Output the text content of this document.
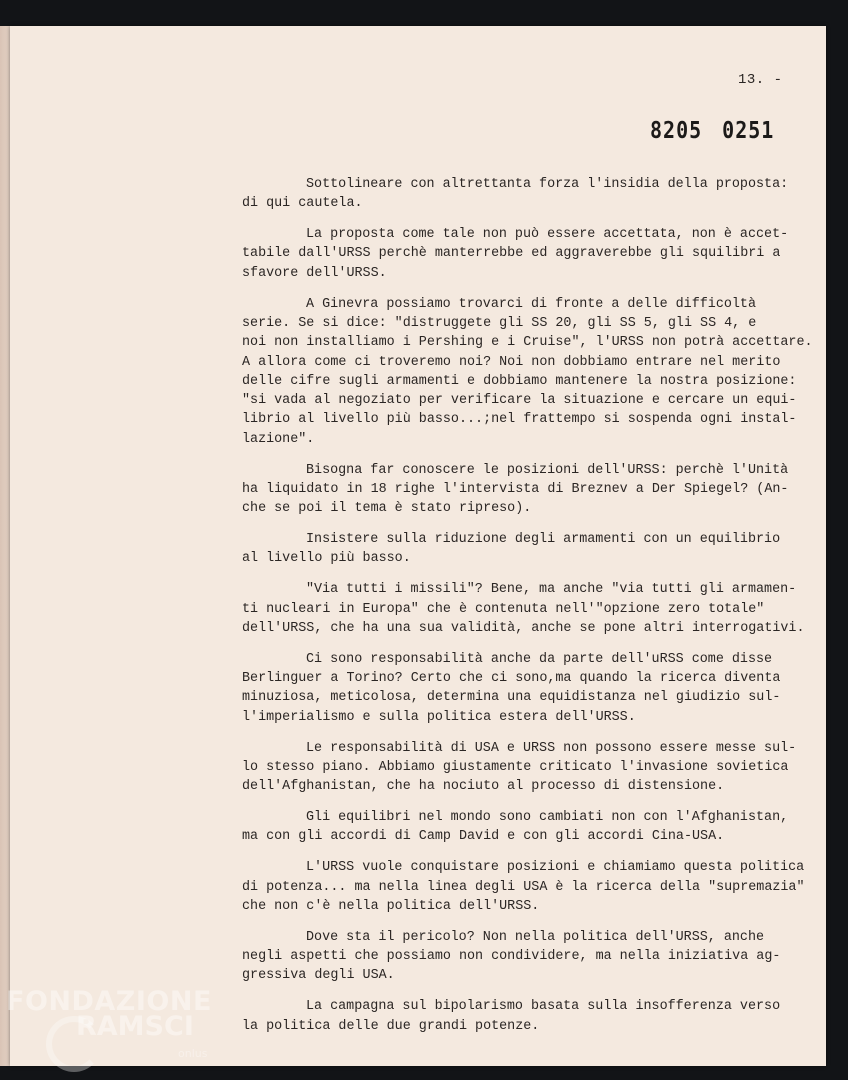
13. -
8205 0251
Sottolineare con altrettanta forza l'insidia della proposta:
di qui cautela.
La proposta come tale non può essere accettata, non è accet-
tabile dall'URSS perchè manterrebbe ed aggraverebbe gli squilibri a
sfavore dell'URSS.
A Ginevra possiamo trovarci di fronte a delle difficoltà
serie. Se si dice: "distruggete gli SS 20, gli SS 5, gli SS 4, e
noi non installiamo i Pershing e i Cruise", l'URSS non potrà accettare.
A allora come ci troveremo noi? Noi non dobbiamo entrare nel merito
delle cifre sugli armamenti e dobbiamo mantenere la nostra posizione:
"si vada al negoziato per verificare la situazione e cercare un equi-
librio al livello più basso...;nel frattempo si sospenda ogni instal-
lazione".
Bisogna far conoscere le posizioni dell'URSS: perchè l'Unità
ha liquidato in 18 righe l'intervista di Breznev a Der Spiegel? (An-
che se poi il tema è stato ripreso).
Insistere sulla riduzione degli armamenti con un equilibrio
al livello più basso.
"Via tutti i missili"? Bene, ma anche "via tutti gli armamen-
ti nucleari in Europa" che è contenuta nell'"opzione zero totale"
dell'URSS, che ha una sua validità, anche se pone altri interrogativi.
Ci sono responsabilità anche da parte dell'uRSS come disse
Berlinguer a Torino? Certo che ci sono,ma quando la ricerca diventa
minuziosa, meticolosa, determina una equidistanza nel giudizio sul-
l'imperialismo e sulla politica estera dell'URSS.
Le responsabilità di USA e URSS non possono essere messe sul-
lo stesso piano. Abbiamo giustamente criticato l'invasione sovietica
dell'Afghanistan, che ha nociuto al processo di distensione.
Gli equilibri nel mondo sono cambiati non con l'Afghanistan,
ma con gli accordi di Camp David e con gli accordi Cina-USA.
L'URSS vuole conquistare posizioni e chiamiamo questa politica
di potenza... ma nella linea degli USA è la ricerca della "supremazia"
che non c'è nella politica dell'URSS.
Dove sta il pericolo? Non nella politica dell'URSS, anche
negli aspetti che possiamo non condividere, ma nella iniziativa ag-
gressiva degli USA.
La campagna sul bipolarismo basata sulla insofferenza verso
la politica delle due grandi potenze.
FONDAZIONE
RAMSCI
onlus
